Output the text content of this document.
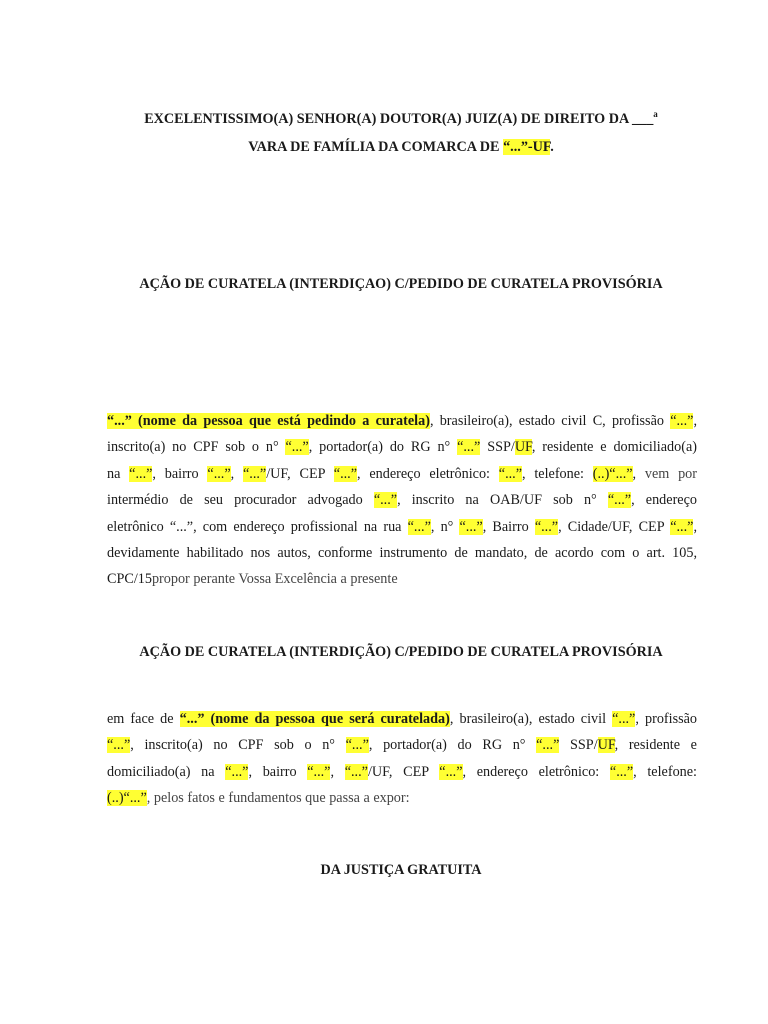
EXCELENTISSIMO(A) SENHOR(A) DOUTOR(A) JUIZ(A) DE DIREITO DA ___$^a$
VARA DE FAMÍLIA DA COMARCA DE “...”-UF.
AÇÃO DE CURATELA (INTERDIÇAO) C/PEDIDO DE CURATELA PROVISÓRIA
“...” (nome da pessoa que está pedindo a curatela), brasileiro(a), estado civil C, profissão “...”,
inscrito(a) no CPF sob o n° “...”, portador(a) do RG n° “...” SSP/UF, residente e domiciliado(a)
na “...”, bairro “...”, “...”/UF, CEP “...”, endereço eletrônico: “...”, telefone: (..)“...”, vem por
intermédio de seu procurador advogado “...”, inscrito na OAB/UF sob n° “...”, endereço
eletrônico “...”, com endereço profissional na rua “...”, n° “...”, Bairro “...”, Cidade/UF, CEP “...”,
devidamente habilitado nos autos, conforme instrumento de mandato, de acordo com o art. 105,
CPC/15propor perante Vossa Excelência a presente
AÇÃO DE CURATELA (INTERDIÇÃO) C/PEDIDO DE CURATELA PROVISÓRIA
em face de “...” (nome da pessoa que será curatelada), brasileiro(a), estado civil “...”, profissão
“...”, inscrito(a) no CPF sob o n° “...”, portador(a) do RG n° “...” SSP/UF, residente e
domiciliado(a) na “...”, bairro “...”, “...”/UF, CEP “...”, endereço eletrônico: “...”, telefone:
(..)“...”, pelos fatos e fundamentos que passa a expor:
DA JUSTIÇA GRATUITA
